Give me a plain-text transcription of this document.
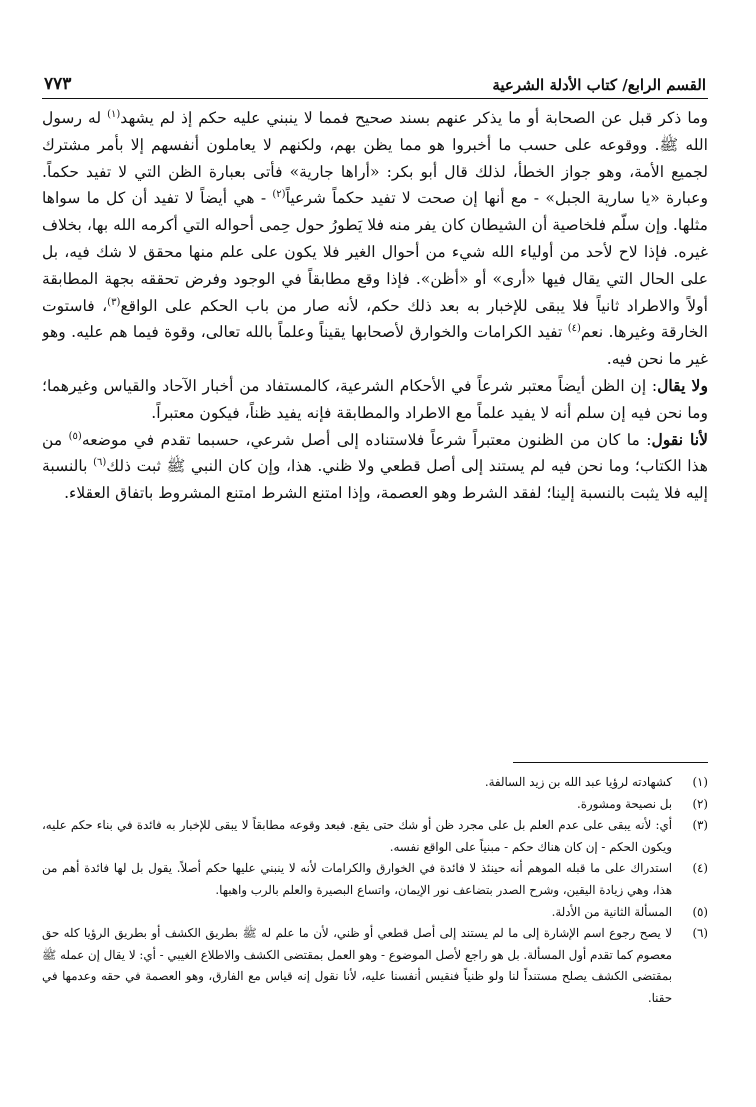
القسم الرابع/ كتاب الأدلة الشرعية
٧٧٣

وما ذكر قبل عن الصحابة أو ما يذكر عنهم بسند صحيح فمما لا ينبني عليه حكم إذ لم يشهد$^{(١)}$ له رسول الله ﷺ. ووقوعه على حسب ما أخبروا هو مما يظن بهم، ولكنهم لا يعاملون أنفسهم إلا بأمر مشترك لجميع الأمة، وهو جواز الخطأ، لذلك قال أبو بكر: «أراها جارية» فأتى بعبارة الظن التي لا تفيد حكماً. وعبارة «يا سارية الجبل» - مع أنها إن صحت لا تفيد حكماً شرعياً$^{(٢)}$ - هي أيضاً لا تفيد أن كل ما سواها مثلها. وإن سلّم فلخاصية أن الشيطان كان يفر منه فلا يَطورُ حول حِمى أحواله التي أكرمه الله بها، بخلاف غيره. فإذا لاح لأحد من أولياء الله شيء من أحوال الغير فلا يكون على علم منها محقق لا شك فيه، بل على الحال التي يقال فيها «أرى» أو «أظن». فإذا وقع مطابقاً في الوجود وفرض تحققه بجهة المطابقة أولاً والاطراد ثانياً فلا يبقى للإخبار به بعد ذلك حكم، لأنه صار من باب الحكم على الواقع$^{(٣)}$، فاستوت الخارقة وغيرها. نعم$^{(٤)}$ تفيد الكرامات والخوارق لأصحابها يقيناً وعلماً بالله تعالى، وقوة فيما هم عليه. وهو غير ما نحن فيه.

ولا يقال: إن الظن أيضاً معتبر شرعاً في الأحكام الشرعية، كالمستفاد من أخبار الآحاد والقياس وغيرهما؛ وما نحن فيه إن سلم أنه لا يفيد علماً مع الاطراد والمطابقة فإنه يفيد ظناً، فيكون معتبراً.

لأنا نقول: ما كان من الظنون معتبراً شرعاً فلاستناده إلى أصل شرعي، حسبما تقدم في موضعه$^{(٥)}$ من هذا الكتاب؛ وما نحن فيه لم يستند إلى أصل قطعي ولا ظني. هذا، وإن كان النبي ﷺ ثبت ذلك$^{(٦)}$ بالنسبة إليه فلا يثبت بالنسبة إلينا؛ لفقد الشرط وهو العصمة، وإذا امتنع الشرط امتنع المشروط باتفاق العقلاء.

(١)
كشهادته لرؤيا عبد الله بن زيد السالفة.
(٢)
بل نصيحة ومشورة.
(٣)
أي: لأنه يبقى على عدم العلم بل على مجرد ظن أو شك حتى يقع. فبعد وقوعه مطابقاً لا يبقى للإخبار به فائدة في بناء حكم عليه، ويكون الحكم - إن كان هناك حكم - مبنياً على الواقع نفسه.
(٤)
استدراك على ما قبله الموهم أنه حينئذ لا فائدة في الخوارق والكرامات لأنه لا ينبني عليها حكم أصلاً. يقول بل لها فائدة أهم من هذا، وهي زيادة اليقين، وشرح الصدر بتضاعف نور الإيمان، واتساع البصيرة والعلم بالرب واهبها.
(٥)
المسألة الثانية من الأدلة.
(٦)
لا يصح رجوع اسم الإشارة إلى ما لم يستند إلى أصل قطعي أو ظني، لأن ما علم له ﷺ بطريق الكشف أو بطريق الرؤيا كله حق معصوم كما تقدم أول المسألة. بل هو راجع لأصل الموضوع - وهو العمل بمقتضى الكشف والاطلاع الغيبي - أي: لا يقال إن عمله ﷺ بمقتضى الكشف يصلح مستنداً لنا ولو ظنياً فنقيس أنفسنا عليه، لأنا نقول إنه قياس مع الفارق، وهو العصمة في حقه وعدمها في حقنا.
